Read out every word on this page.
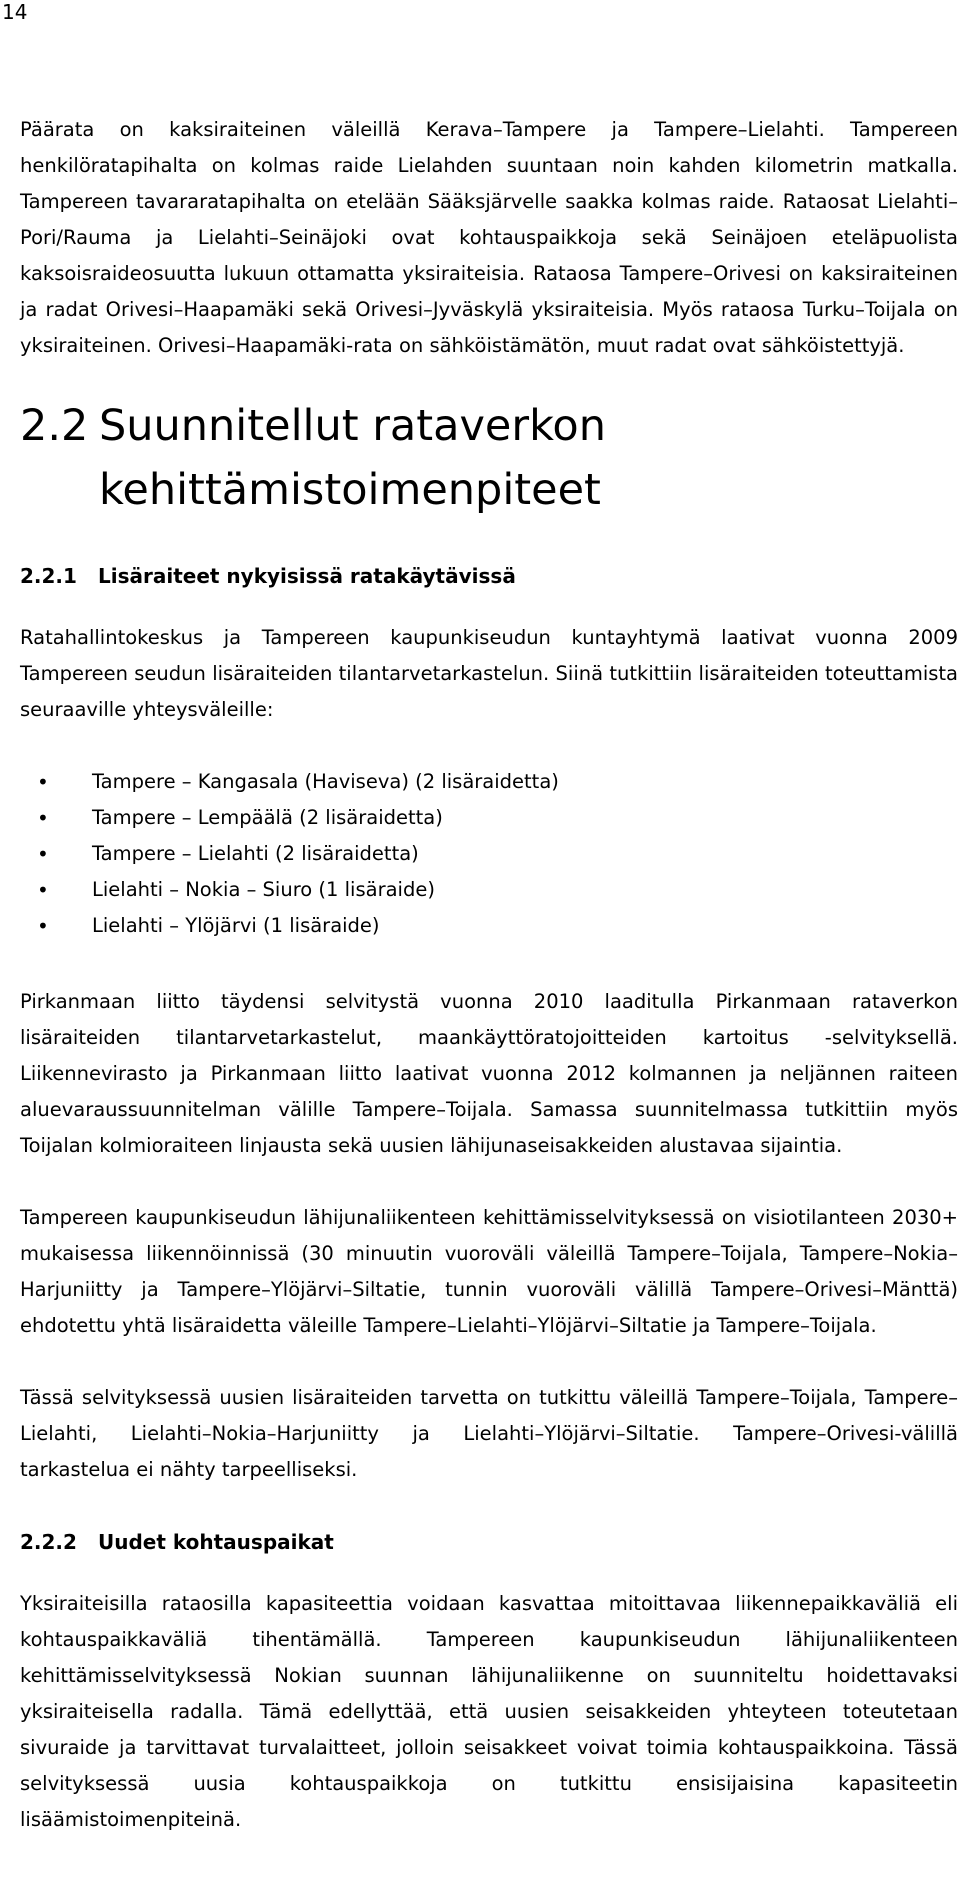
14

Päärata on kaksiraiteinen väleillä Kerava–Tampere ja Tampere–Lielahti. Tampereen henkilöratapihalta on kolmas raide Lielahden suuntaan noin kahden kilometrin matkalla. Tampereen tavararatapihalta on etelään Sääksjärvelle saakka kolmas raide. Rataosat Lielahti–Pori/Rauma ja Lielahti–Seinäjoki ovat kohtauspaikkoja sekä Seinäjoen eteläpuolista kaksoisraideosuutta lukuun ottamatta yksiraiteisia. Rataosa Tampere–Orivesi on kaksiraiteinen ja radat Orivesi–Haapamäki sekä Orivesi–Jyväskylä yksiraiteisia. Myös rataosa Turku–Toijala on yksiraiteinen. Orivesi–Haapamäki-rata on sähköistämätön, muut radat ovat sähköistettyjä.

2.2 Suunnitellut rataverkon kehittämistoimenpiteet
2.2.1	Lisäraiteet nykyisissä ratakäytävissä

Ratahallintokeskus ja Tampereen kaupunkiseudun kuntayhtymä laativat vuonna 2009 Tampereen seudun lisäraiteiden tilantarvetarkastelun. Siinä tutkittiin lisäraiteiden toteuttamista seuraaville yhteysväleille:

• Tampere – Kangasala (Haviseva) (2 lisäraidetta)
• Tampere – Lempäälä (2 lisäraidetta)
• Tampere – Lielahti (2 lisäraidetta)
• Lielahti – Nokia – Siuro (1 lisäraide)
• Lielahti – Ylöjärvi (1 lisäraide)

Pirkanmaan liitto täydensi selvitystä vuonna 2010 laaditulla Pirkanmaan rataverkon lisäraiteiden tilantarvetarkastelut, maankäyttöratojoitteiden kartoitus -selvityksellä. Liikennevirasto ja Pirkanmaan liitto laativat vuonna 2012 kolmannen ja neljännen raiteen aluevaraussuunnitelman välille Tampere–Toijala. Samassa suunnitelmassa tutkittiin myös Toijalan kolmioraiteen linjausta sekä uusien lähijunaseisakkeiden alustavaa sijaintia.

Tampereen kaupunkiseudun lähijunaliikenteen kehittämisselvityksessä on visiotilanteen 2030+ mukaisessa liikennöinnissä (30 minuutin vuoroväli väleillä Tampere–Toijala, Tampere–Nokia–Harjuniitty ja Tampere–Ylöjärvi–Siltatie, tunnin vuoroväli välillä Tampere–Orivesi–Mänttä) ehdotettu yhtä lisäraidetta väleille Tampere–Lielahti–Ylöjärvi–Siltatie ja Tampere–Toijala.

Tässä selvityksessä uusien lisäraiteiden tarvetta on tutkittu väleillä Tampere–Toijala, Tampere–Lielahti, Lielahti–Nokia–Harjuniitty ja Lielahti–Ylöjärvi–Siltatie. Tampere–Orivesi-välillä tarkastelua ei nähty tarpeelliseksi.

2.2.2	Uudet kohtauspaikat

Yksiraiteisilla rataosilla kapasiteettia voidaan kasvattaa mitoittavaa liikennepaikkaväliä eli kohtauspaikkaväliä tihentämällä. Tampereen kaupunkiseudun lähijunaliikenteen kehittämisselvityksessä Nokian suunnan lähijunaliikenne on suunniteltu hoidettavaksi yksiraiteisella radalla. Tämä edellyttää, että uusien seisakkeiden yhteyteen toteutetaan sivuraide ja tarvittavat turvalaitteet, jolloin seisakkeet voivat toimia kohtauspaikkoina. Tässä selvityksessä uusia kohtauspaikkoja on tutkittu ensisijaisina kapasiteetin lisäämistoimenpiteinä.
